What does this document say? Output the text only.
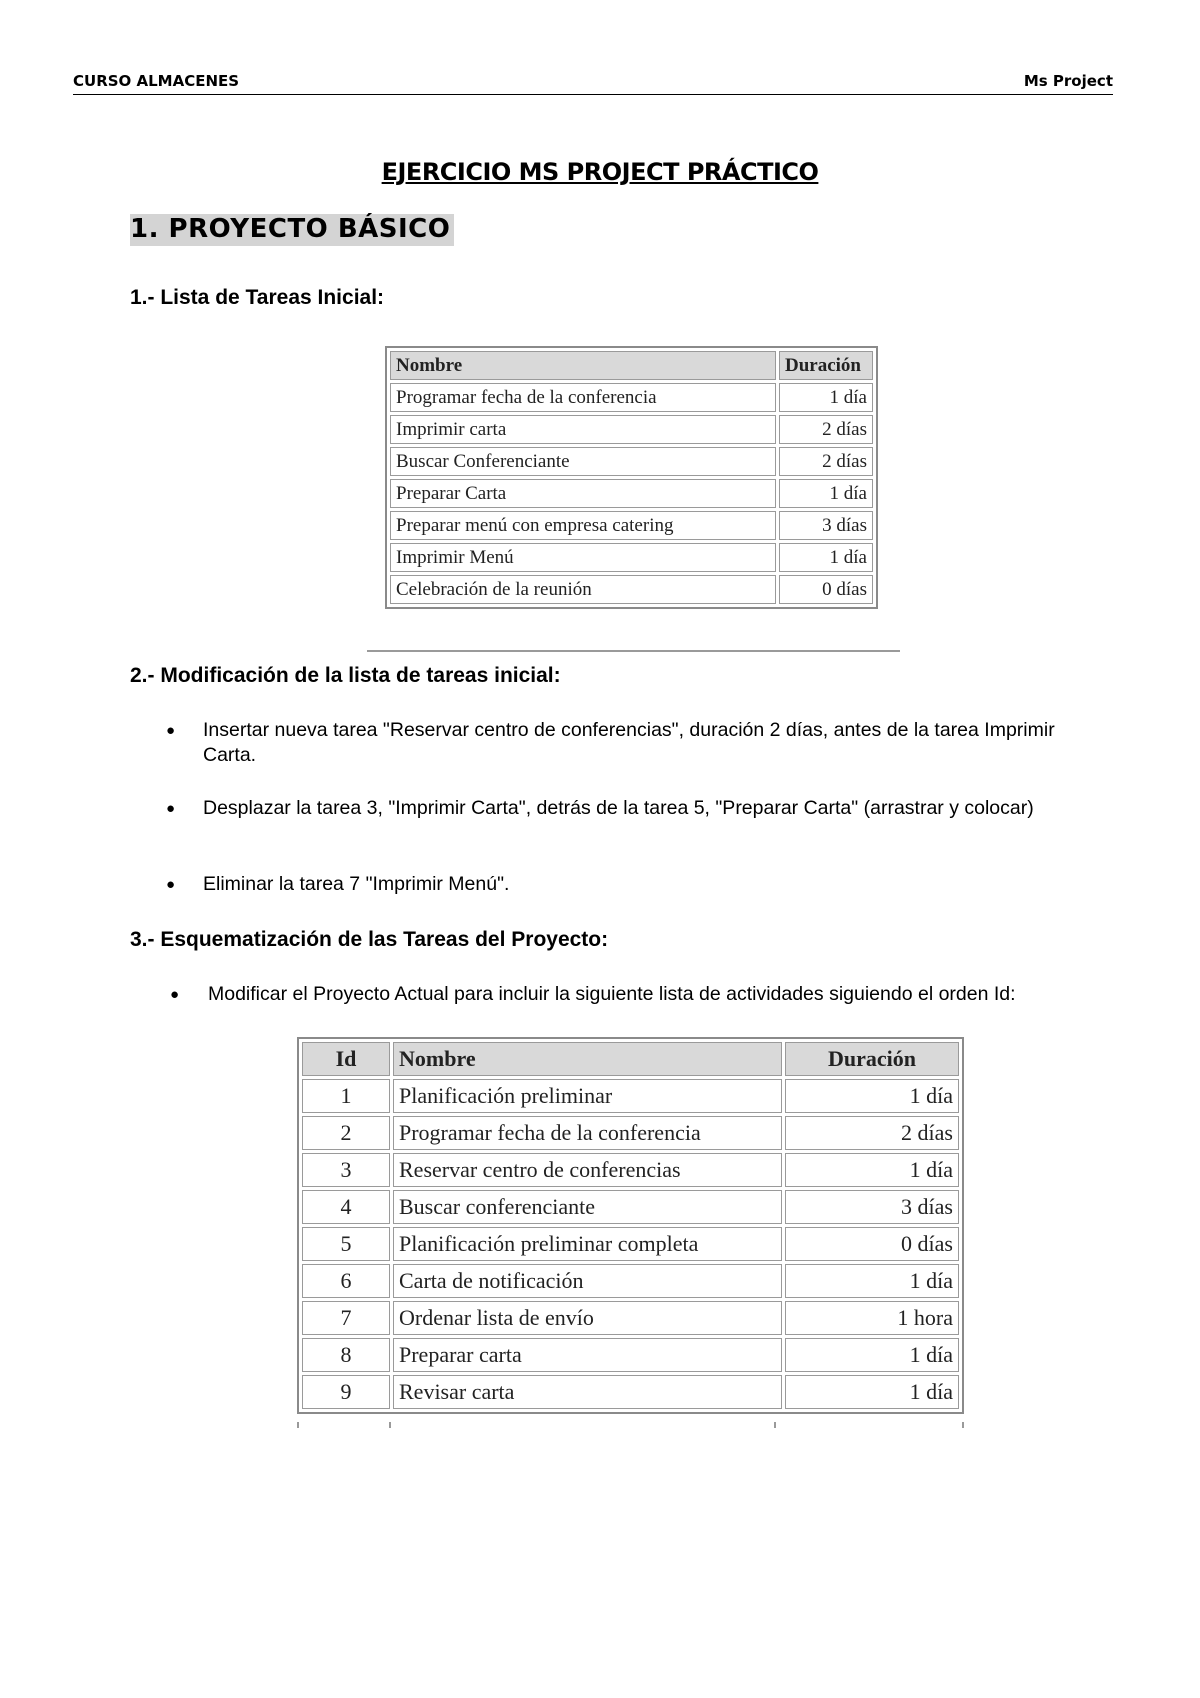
CURSO ALMACENES	Ms Project
EJERCICIO MS PROJECT PRÁCTICO
1. PROYECTO BÁSICO
1.- Lista de Tareas Inicial:
Nombre	Duración
Programar fecha de la conferencia	1 día
Imprimir carta	2 días
Buscar Conferenciante	2 días
Preparar Carta	1 día
Preparar menú con empresa catering	3 días
Imprimir Menú	1 día
Celebración de la reunión	0 días
2.- Modificación de la lista de tareas inicial:
● Insertar nueva tarea "Reservar centro de conferencias", duración 2 días, antes de la tarea Imprimir Carta.
● Desplazar la tarea 3, "Imprimir Carta", detrás de la tarea 5, "Preparar Carta" (arrastrar y colocar)
● Eliminar la tarea 7 "Imprimir Menú".
3.- Esquematización de las Tareas del Proyecto:
● Modificar el Proyecto Actual para incluir la siguiente lista de actividades siguiendo el orden Id:
Id	Nombre	Duración
1	Planificación preliminar	1 día
2	Programar fecha de la conferencia	2 días
3	Reservar centro de conferencias	1 día
4	Buscar conferenciante	3 días
5	Planificación preliminar completa	0 días
6	Carta de notificación	1 día
7	Ordenar lista de envío	1 hora
8	Preparar carta	1 día
9	Revisar carta	1 día
